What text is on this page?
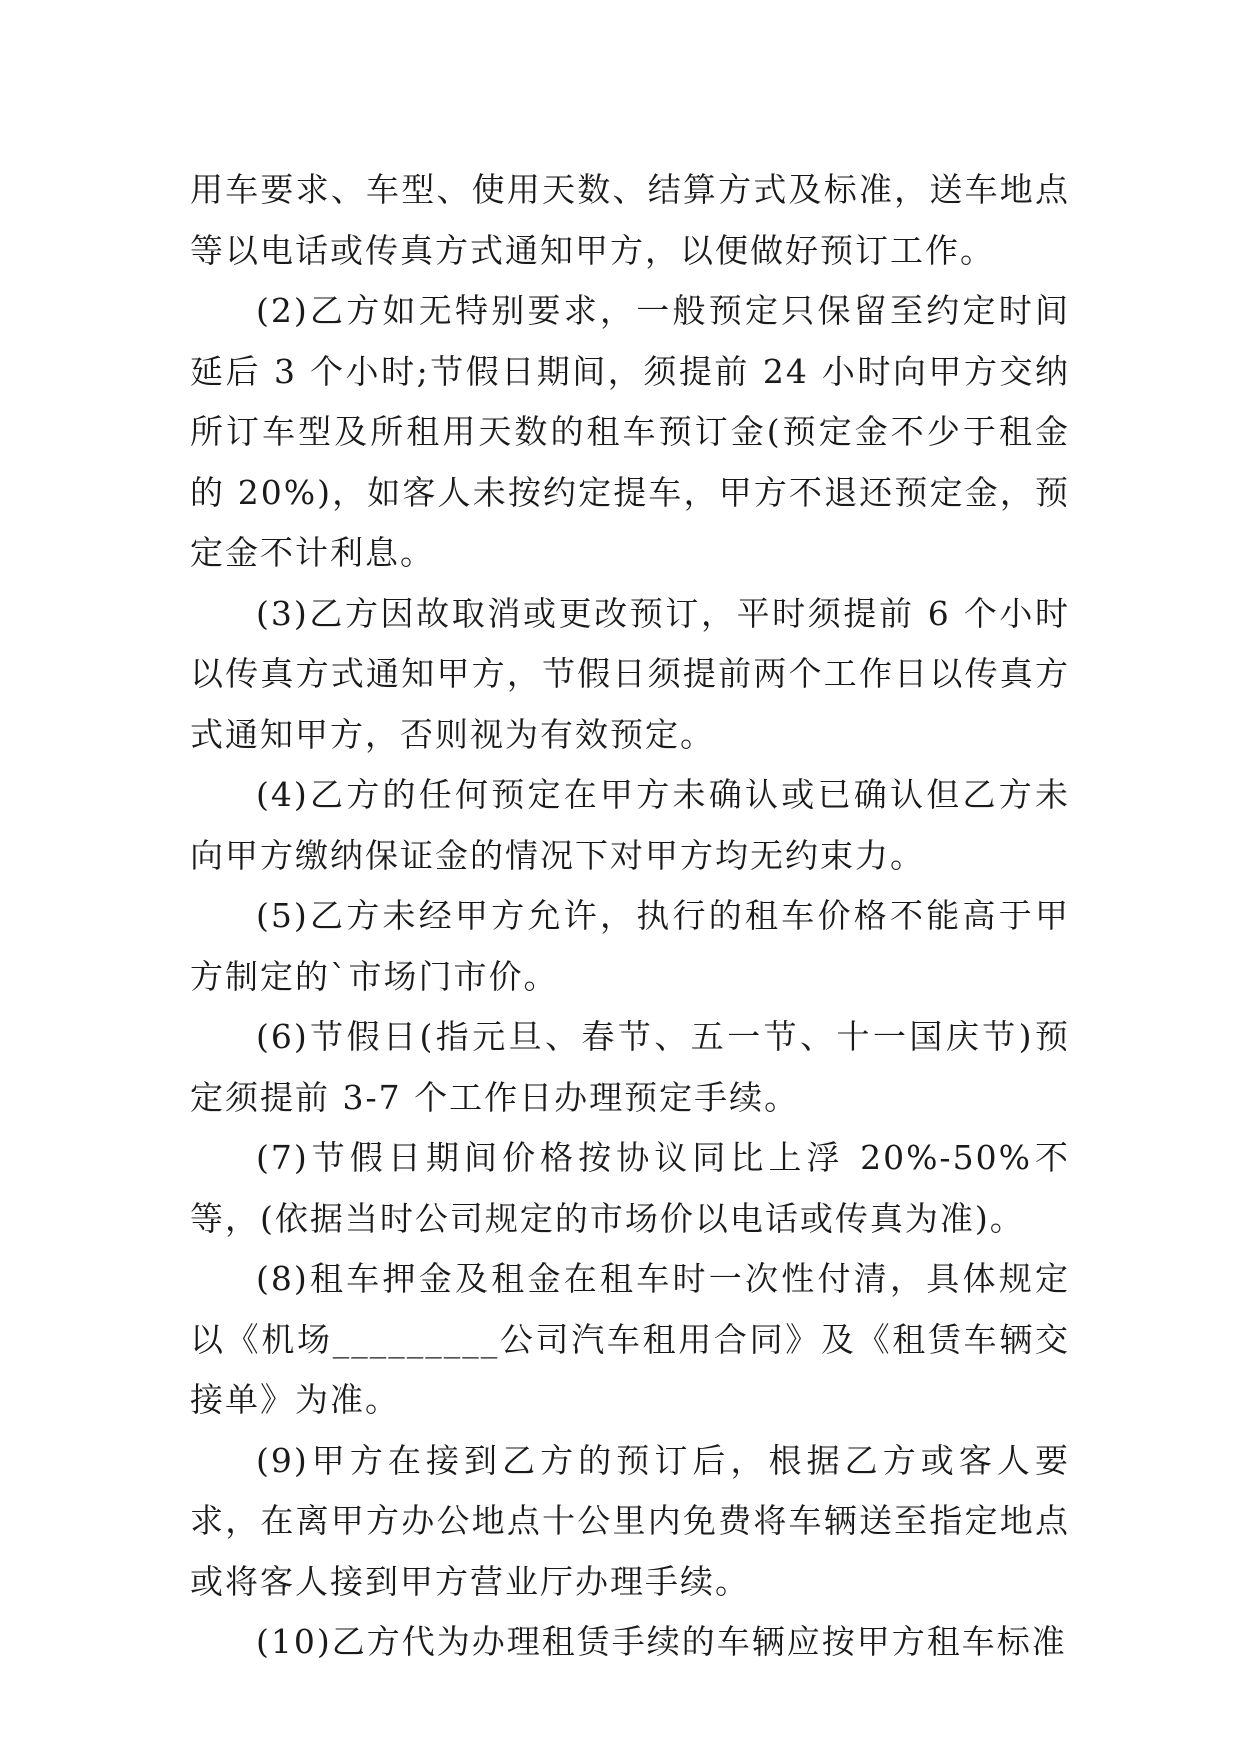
用车要求、车型、使用天数、结算方式及标准，送车地点等以电话或传真方式通知甲方，以便做好预订工作。

(2)乙方如无特别要求，一般预定只保留至约定时间延后 3 个小时;节假日期间，须提前 24 小时向甲方交纳所订车型及所租用天数的租车预订金(预定金不少于租金的 20%)，如客人未按约定提车，甲方不退还预定金，预定金不计利息。

(3)乙方因故取消或更改预订，平时须提前 6 个小时以传真方式通知甲方，节假日须提前两个工作日以传真方式通知甲方，否则视为有效预定。

(4)乙方的任何预定在甲方未确认或已确认但乙方未向甲方缴纳保证金的情况下对甲方均无约束力。

(5)乙方未经甲方允许，执行的租车价格不能高于甲方制定的`市场门市价。

(6)节假日(指元旦、春节、五一节、十一国庆节)预定须提前 3-7 个工作日办理预定手续。

(7)节假日期间价格按协议同比上浮 20%-50%不等，(依据当时公司规定的市场价以电话或传真为准)。

(8)租车押金及租金在租车时一次性付清，具体规定以《机场_________公司汽车租用合同》及《租赁车辆交接单》为准。

(9)甲方在接到乙方的预订后，根据乙方或客人要求，在离甲方办公地点十公里内免费将车辆送至指定地点或将客人接到甲方营业厅办理手续。

(10)乙方代为办理租赁手续的车辆应按甲方租车标准
